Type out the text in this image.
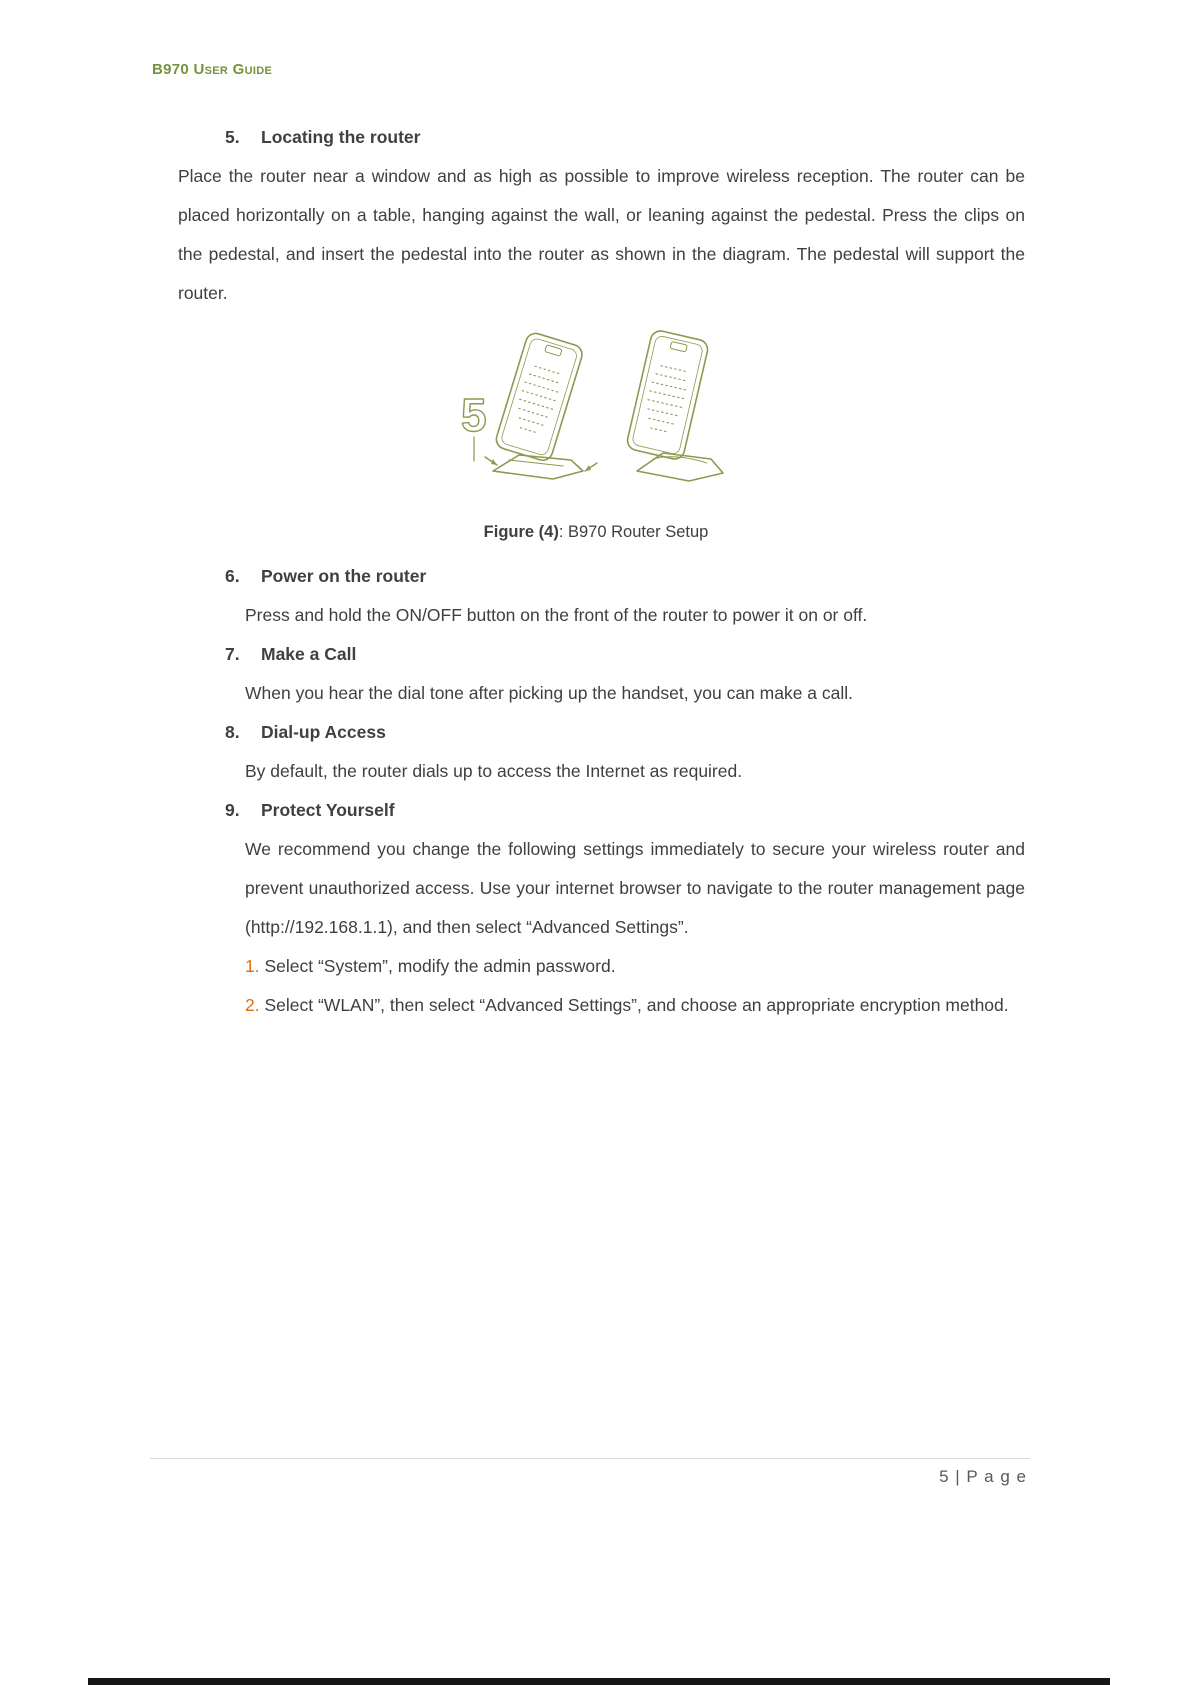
B970 User Guide
5. Locating the router

Place the router near a window and as high as possible to improve wireless reception. The router can be placed horizontally on a table, hanging against the wall, or leaning against the pedestal. Press the clips on the pedestal, and insert the pedestal into the router as shown in the diagram. The pedestal will support the router.

5
Figure (4): B970 Router Setup
6. Power on the router

Press and hold the ON/OFF button on the front of the router to power it on or off.

7. Make a Call

When you hear the dial tone after picking up the handset, you can make a call.

8. Dial-up Access

By default, the router dials up to access the Internet as required.

9. Protect Yourself

We recommend you change the following settings immediately to secure your wireless router and prevent unauthorized access. Use your internet browser to navigate to the router management page (http://192.168.1.1), and then select “Advanced Settings”.

1. Select “System”, modify the admin password.

2. Select “WLAN”, then select “Advanced Settings”, and choose an appropriate encryption method.

5 | P a g e
